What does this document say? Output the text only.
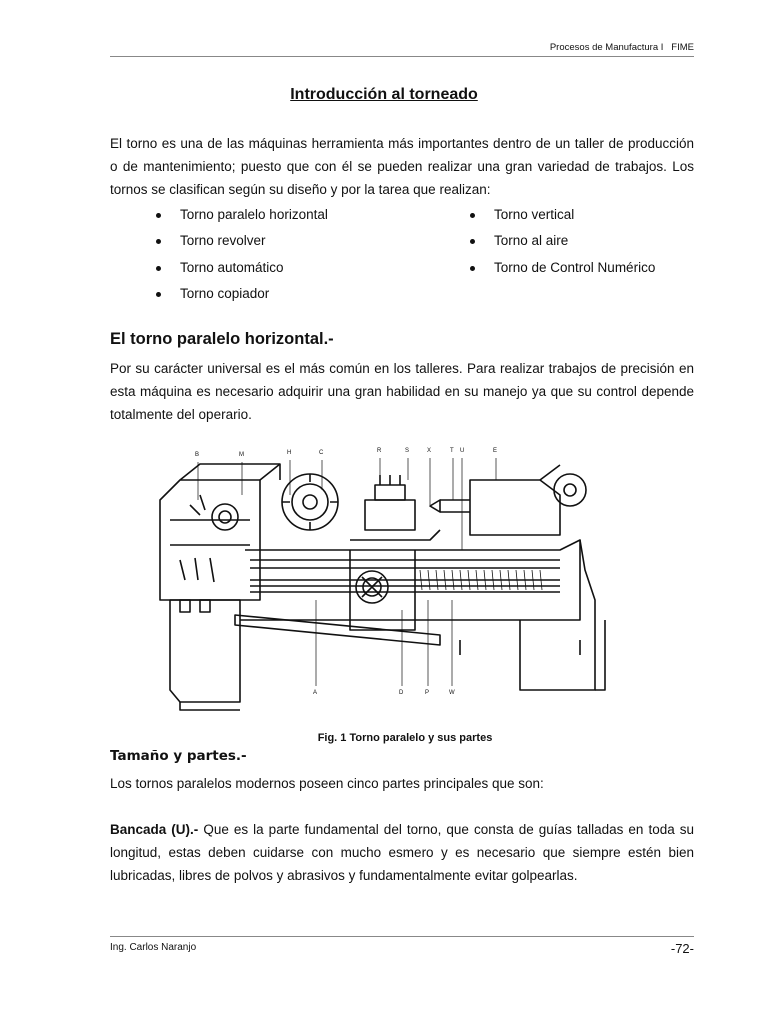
Procesos de Manufactura I   FIME
Introducción al torneado
El torno es una de las máquinas herramienta más importantes dentro de un taller de producción o de mantenimiento; puesto que con él se pueden realizar una gran variedad de trabajos. Los tornos se clasifican según su diseño y por la tarea que realizan:
Torno paralelo horizontal
Torno revolver
Torno automático
Torno copiador
Torno vertical
Torno al aire
Torno de Control Numérico
El torno paralelo horizontal.-
Por su carácter universal es el más común en los talleres. Para realizar trabajos de precisión en esta máquina es necesario adquirir una gran habilidad en su manejo ya que su control depende totalmente del operario.
B	M	H	C	R	S	X	T U	E
A	D	P	W
Fig. 1 Torno paralelo y sus partes
Tamaño y partes.-
Los tornos paralelos modernos poseen cinco partes principales que son:
Bancada (U).- Que es la parte fundamental del torno, que consta de guías talladas en toda su longitud, estas deben cuidarse con mucho esmero y es necesario que siempre estén bien lubricadas, libres de polvos y abrasivos y fundamentalmente evitar golpearlas.
Ing. Carlos Naranjo	-72-
